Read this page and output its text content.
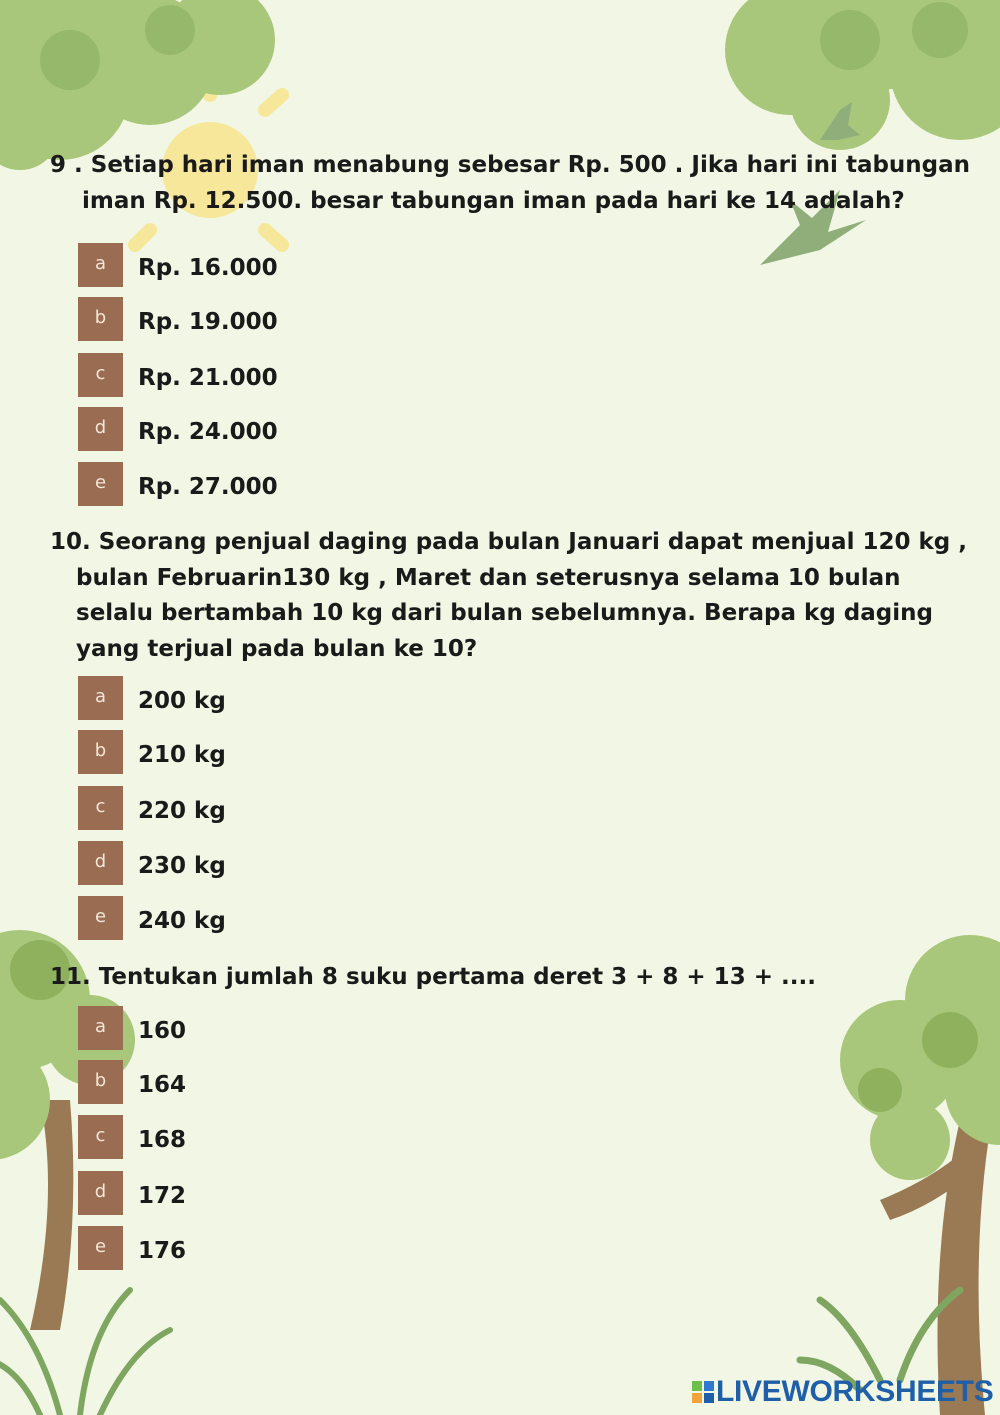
9 . Setiap hari iman menabung sebesar Rp. 500 . Jika hari ini tabungan
iman Rp. 12.500. besar tabungan iman pada hari ke 14 adalah?
a	Rp. 16.000
b	Rp. 19.000
c	Rp. 21.000
d	Rp. 24.000
e	Rp. 27.000
10. Seorang penjual daging pada bulan Januari dapat menjual 120 kg ,
bulan Februarin130 kg , Maret dan seterusnya selama 10 bulan
selalu bertambah 10 kg dari bulan sebelumnya. Berapa kg daging
yang terjual pada bulan ke 10?
a	200 kg
b	210 kg
c	220 kg
d	230 kg
e	240 kg
11. Tentukan jumlah 8 suku pertama deret 3 + 8 + 13 + ....
a	160
b	164
c	168
d	172
e	176
LIVEWORKSHEETS
